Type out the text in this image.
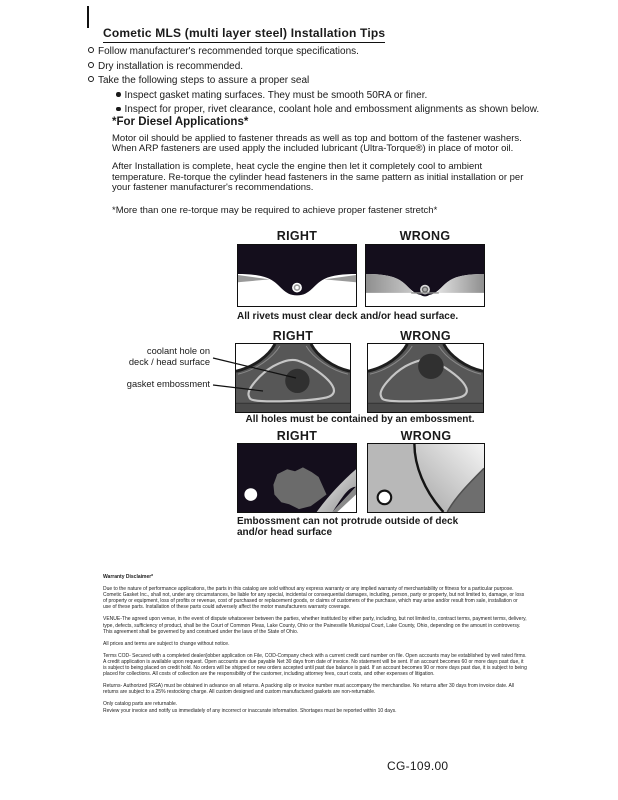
Cometic MLS (multi layer steel) Installation Tips
Follow manufacturer's recommended torque specifications.
Dry installation is recommended.
Take the following steps to assure a proper seal
Inspect gasket mating surfaces. They must be smooth 50RA or finer.
Inspect for proper, rivet clearance, coolant hole and embossment alignments as shown below.
*For Diesel Applications*

Motor oil should be applied to fastener threads as well as top and bottom of the fastener washers. When ARP fasteners are used apply the included lubricant (Ultra-Torque®) in place of motor oil.

After Installation is complete, heat cycle the engine then let it completely cool to ambient temperature. Re-torque the cylinder head fasteners in the same pattern as initial installation or per your fastener manufacturer's recommendations.

*More than one re-torque may be required to achieve proper fastener stretch*

RIGHT	WRONG
All rivets must clear deck and/or head surface.
RIGHT	WRONG
coolant hole on
deck / head surface
gasket embossment
All holes must be contained by an embossment.
RIGHT	WRONG
Embossment can not protrude outside of deck
and/or head surface

Warranty Disclaimer*

Due to the nature of performance applications, the parts in this catalog are sold without any express warranty or any implied warranty of merchantability or fitness for a particular purpose. Cometic Gasket Inc., shall not, under any circumstances, be liable for any special, incidental or consequential damages, including, person, party or property, but not limited to, damage, or loss of property or equipment, loss of profits or revenue, cost of purchased or replacement goods, or claims of customers of the purchase, which may arise and/or result from sale, installation or use of these parts. Installation of these parts could adversely affect the motor manufacturers warranty coverage.

VENUE-The agreed upon venue, in the event of dispute whatsoever between the parties, whether instituted by either party, including, but not limited to, contract terms, payment terms, delivery, type, defects, sufficiency of product, shall be the Court of Common Pleas, Lake County, Ohio or the Painesville Municipal Court, Lake County, Ohio, depending on the amount in controversy.
This agreement shall be governed by and construed under the laws of the State of Ohio.

All prices and terms are subject to change without notice.

Terms COD- Secured with a completed dealer/jobber application on File, COD-Company check with a current credit card number on file. Open accounts may be established by well rated firms. A credit application is available upon request. Open accounts are due payable Net 30 days from date of invoice. No statement will be sent. If an account becomes 60 or more days past due, it is subject to being placed on credit hold. No orders will be shipped or new orders accepted until past due balance is paid. If an account becomes 90 or more days past due, it is subject to being placed for collections. All costs of collection are the responsibility of the customer, including attorney fees, court costs, and other expenses of litigation.

Returns- Authorized (RGA) must be obtained in advance on all returns. A packing slip or invoice number must accompany the merchandise. No returns after 30 days from invoice date. All returns are subject to a 25% restocking charge. All custom designed and custom manufactured gaskets are non-returnable.

Only catalog parts are returnable.
Review your invoice and notify us immediately of any incorrect or inaccurate information. Shortages must be reported within 10 days.

CG-109.00
